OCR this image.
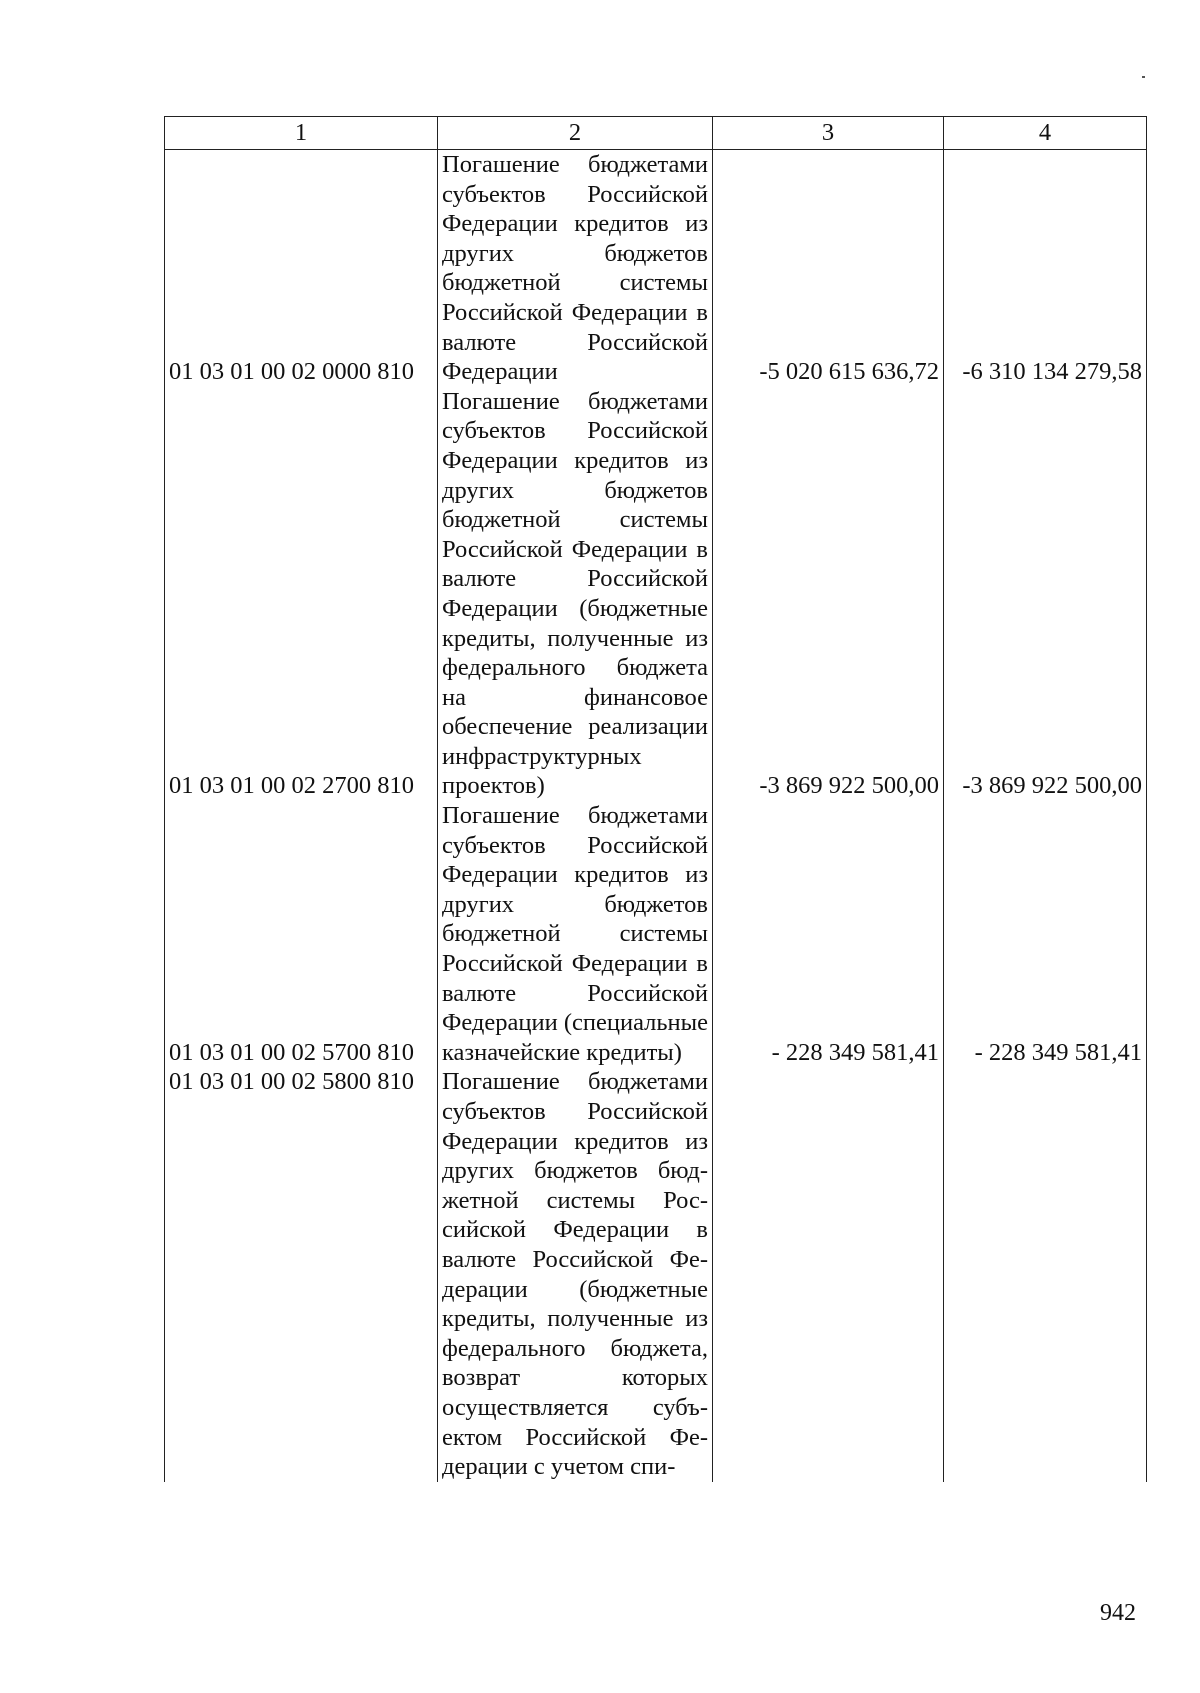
1	2	3	4
01 03 01 00 02 0000 810	Погашение бюджетами субъектов Российской Федерации кредитов из других бюджетов бюджетной системы Российской Федерации в валюте Российской Федерации	-5 020 615 636,72	-6 310 134 279,58
01 03 01 00 02 2700 810	Погашение бюджетами субъектов Российской Федерации кредитов из других бюджетов бюджетной системы Российской Федерации в валюте Российской Федерации (бюджетные кредиты, полученные из федерального бюджета на финансовое обеспечение реализации инфраструктурных проектов)	-3 869 922 500,00	-3 869 922 500,00
01 03 01 00 02 5700 810	Погашение бюджетами субъектов Российской Федерации кредитов из других бюджетов бюджетной системы Российской Федерации в валюте Российской Федерации (специальные казначейские кредиты)	- 228 349 581,41	- 228 349 581,41
01 03 01 00 02 5800 810	Погашение бюджетами субъектов Российской Федерации кредитов из других бюджетов бюджетной системы Российской Федерации в валюте Российской Федерации (бюджетные кредиты, полученные из федерального бюджета, возврат которых осуществляется субъектом Российской Федерации с учетом спи-		
942
